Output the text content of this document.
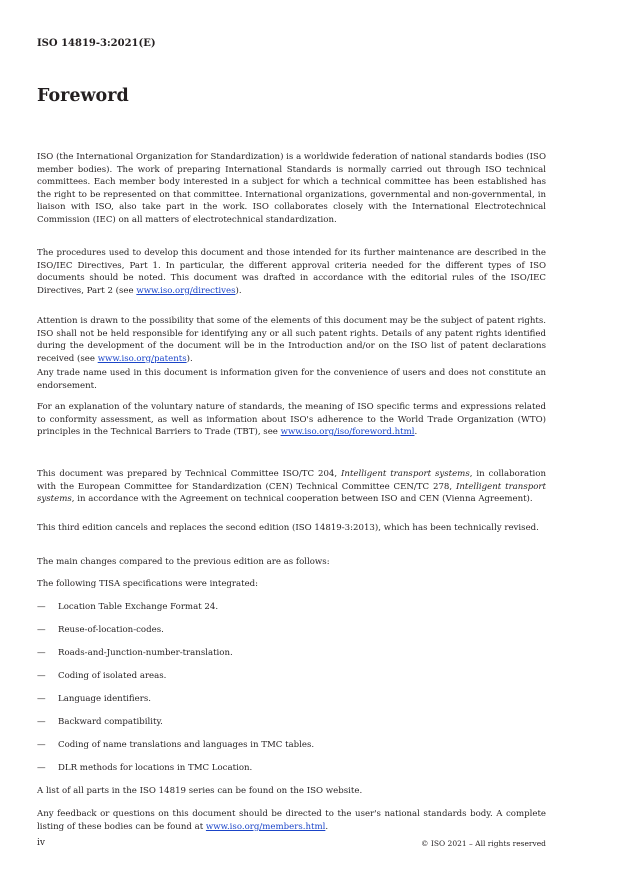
ISO 14819-3:2021(E)
Foreword

ISO (the International Organization for Standardization) is a worldwide federation of national standards bodies (ISO member bodies). The work of preparing International Standards is normally carried out through ISO technical committees. Each member body interested in a subject for which a technical committee has been established has the right to be represented on that committee. International organizations, governmental and non-governmental, in liaison with ISO, also take part in the work. ISO collaborates closely with the International Electrotechnical Commission (IEC) on all matters of electrotechnical standardization.

The procedures used to develop this document and those intended for its further maintenance are described in the ISO/IEC Directives, Part 1. In particular, the different approval criteria needed for the different types of ISO documents should be noted. This document was drafted in accordance with the editorial rules of the ISO/IEC Directives, Part 2 (see www.iso.org/directives).

Attention is drawn to the possibility that some of the elements of this document may be the subject of patent rights. ISO shall not be held responsible for identifying any or all such patent rights. Details of any patent rights identified during the development of the document will be in the Introduction and/or on the ISO list of patent declarations received (see www.iso.org/patents).

Any trade name used in this document is information given for the convenience of users and does not constitute an endorsement.

For an explanation of the voluntary nature of standards, the meaning of ISO specific terms and expressions related to conformity assessment, as well as information about ISO's adherence to the World Trade Organization (WTO) principles in the Technical Barriers to Trade (TBT), see www.iso.org/iso/foreword.html.

This document was prepared by Technical Committee ISO/TC 204, Intelligent transport systems, in collaboration with the European Committee for Standardization (CEN) Technical Committee CEN/TC 278, Intelligent transport systems, in accordance with the Agreement on technical cooperation between ISO and CEN (Vienna Agreement).

This third edition cancels and replaces the second edition (ISO 14819-3:2013), which has been technically revised.

The main changes compared to the previous edition are as follows:

The following TISA specifications were integrated:

—	Location Table Exchange Format 24.
—	Reuse-of-location-codes.
—	Roads-and-Junction-number-translation.
—	Coding of isolated areas.
—	Language identifiers.
—	Backward compatibility.
—	Coding of name translations and languages in TMC tables.
—	DLR methods for locations in TMC Location.

A list of all parts in the ISO 14819 series can be found on the ISO website.

Any feedback or questions on this document should be directed to the user's national standards body. A complete listing of these bodies can be found at www.iso.org/members.html.

iv	© ISO 2021 – All rights reserved
